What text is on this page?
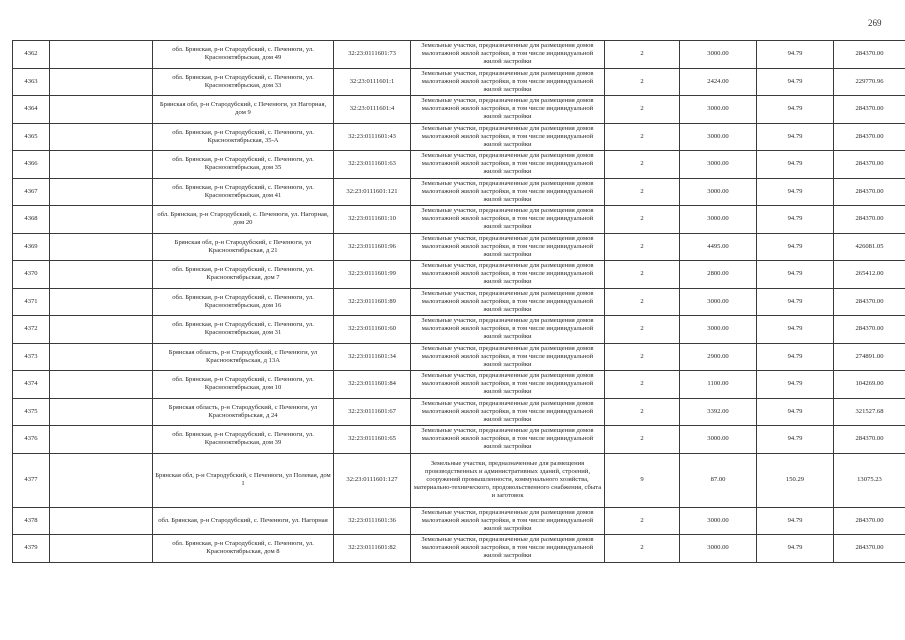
269
4362		обл. Брянская, р-н Стародубский, с. Печенюги, ул. Краснооктябрьская, дом 49	32:23:0111601:73	Земельные участки, предназначенные для размещения домов малоэтажной жилой застройки, в том числе индивидуальной жилой застройки	2	3000.00	94.79	284370.00
4363		обл. Брянская, р-н Стародубский, с. Печенюги, ул. Краснооктябрьская, дом 33	32:23:0111601:1	Земельные участки, предназначенные для размещения домов малоэтажной жилой застройки, в том числе индивидуальной жилой застройки	2	2424.00	94.79	229770.96
4364		Брянская обл, р-н Стародубский, с Печенюги, ул Нагорная, дом 9	32:23:0111601:4	Земельные участки, предназначенные для размещения домов малоэтажной жилой застройки, в том числе индивидуальной жилой застройки	2	3000.00	94.79	284370.00
4365		обл. Брянская, р-н Стародубский, с. Печенюги, ул. Краснооктябрьская, 35-А	32:23:0111601:43	Земельные участки, предназначенные для размещения домов малоэтажной жилой застройки, в том числе индивидуальной жилой застройки	2	3000.00	94.79	284370.00
4366		обл. Брянская, р-н Стародубский, с. Печенюги, ул. Краснооктябрьская, дом 35	32:23:0111601:63	Земельные участки, предназначенные для размещения домов малоэтажной жилой застройки, в том числе индивидуальной жилой застройки	2	3000.00	94.79	284370.00
4367		обл. Брянская, р-н Стародубский, с. Печенюги, ул. Краснооктябрьская, дом 41	32:23:0111601:121	Земельные участки, предназначенные для размещения домов малоэтажной жилой застройки, в том числе индивидуальной жилой застройки	2	3000.00	94.79	284370.00
4368		обл. Брянская, р-н Стародубский, с. Печенюги, ул. Нагорная, дом 20	32:23:0111601:10	Земельные участки, предназначенные для размещения домов малоэтажной жилой застройки, в том числе индивидуальной жилой застройки	2	3000.00	94.79	284370.00
4369		Брянская обл, р-н Стародубский, с Печенюги, ул Краснооктябрьская, д 21	32:23:0111601:96	Земельные участки, предназначенные для размещения домов малоэтажной жилой застройки, в том числе индивидуальной жилой застройки	2	4495.00	94.79	426081.05
4370		обл. Брянская, р-н Стародубский, с. Печенюги, ул. Краснооктябрьская, дом 7	32:23:0111601:99	Земельные участки, предназначенные для размещения домов малоэтажной жилой застройки, в том числе индивидуальной жилой застройки	2	2800.00	94.79	265412.00
4371		обл. Брянская, р-н Стародубский, с. Печенюги, ул. Краснооктябрьская, дом 16	32:23:0111601:89	Земельные участки, предназначенные для размещения домов малоэтажной жилой застройки, в том числе индивидуальной жилой застройки	2	3000.00	94.79	284370.00
4372		обл. Брянская, р-н Стародубский, с. Печенюги, ул. Краснооктябрьская, дом 31	32:23:0111601:60	Земельные участки, предназначенные для размещения домов малоэтажной жилой застройки, в том числе индивидуальной жилой застройки	2	3000.00	94.79	284370.00
4373		Брянская область, р-н Стародубский, с Печенюги, ул Краснооктябрьская, д 13А	32:23:0111601:34	Земельные участки, предназначенные для размещения домов малоэтажной жилой застройки, в том числе индивидуальной жилой застройки	2	2900.00	94.79	274891.00
4374		обл. Брянская, р-н Стародубский, с. Печенюги, ул. Краснооктябрьская, дом 10	32:23:0111601:84	Земельные участки, предназначенные для размещения домов малоэтажной жилой застройки, в том числе индивидуальной жилой застройки	2	1100.00	94.79	104269.00
4375		Брянская область, р-н Стародубский, с Печенюги, ул Краснооктябрьская, д 24	32:23:0111601:67	Земельные участки, предназначенные для размещения домов малоэтажной жилой застройки, в том числе индивидуальной жилой застройки	2	3392.00	94.79	321527.68
4376		обл. Брянская, р-н Стародубский, с. Печенюги, ул. Краснооктябрьская, дом 39	32:23:0111601:65	Земельные участки, предназначенные для размещения домов малоэтажной жилой застройки, в том числе индивидуальной жилой застройки	2	3000.00	94.79	284370.00
4377		Брянская обл, р-н Стародубский, с Печенюги, ул Полевая, дом 1	32:23:0111601:127	Земельные участки, предназначенные для размещения производственных и административных зданий, строений, сооружений промышленности, коммунального хозяйства, материально-технического, продовольственного снабжения, сбыта и заготовок	9	87.00	150.29	13075.23
4378		обл. Брянская, р-н Стародубский, с. Печенюги, ул. Нагорная	32:23:0111601:36	Земельные участки, предназначенные для размещения домов малоэтажной жилой застройки, в том числе индивидуальной жилой застройки	2	3000.00	94.79	284370.00
4379		обл. Брянская, р-н Стародубский, с. Печенюги, ул. Краснооктябрьская, дом 8	32:23:0111601:82	Земельные участки, предназначенные для размещения домов малоэтажной жилой застройки, в том числе индивидуальной жилой застройки	2	3000.00	94.79	284370.00
